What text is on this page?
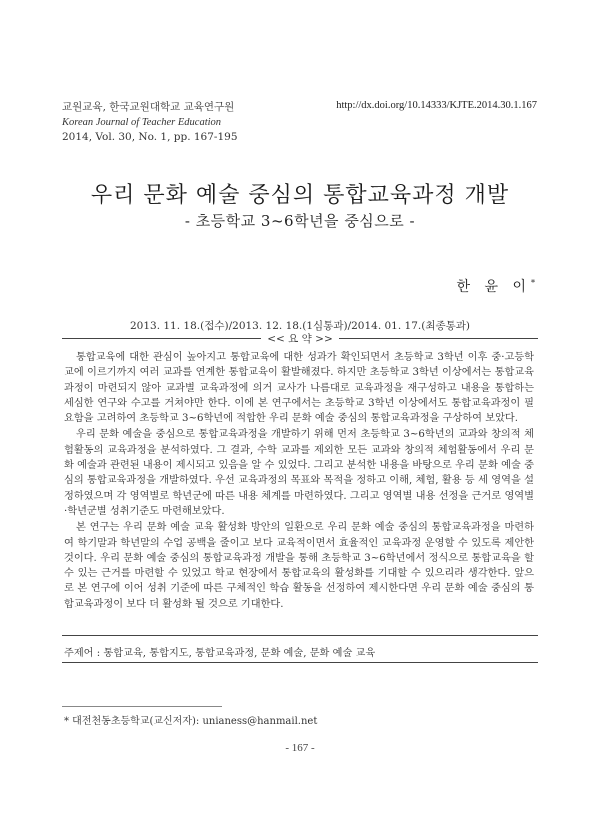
교원교육, 한국교원대학교 교육연구원
Korean Journal of Teacher Education
2014, Vol. 30, No. 1, pp. 167-195
http://dx.doi.org/10.14333/KJTE.2014.30.1.167
우리 문화 예술 중심의 통합교육과정 개발
- 초등학교 3~6학년을 중심으로 -
한 윤 이*
2013. 11. 18.(접수)/2013. 12. 18.(1심통과)/2014. 01. 17.(최종통과)
<< 요 약 >>

통합교육에 대한 관심이 높아지고 통합교육에 대한 성과가 확인되면서 초등학교 3학년 이후 중·고등학교에 이르기까지 여러 교과를 연계한 통합교육이 활발해졌다. 하지만 초등학교 3학년 이상에서는 통합교육과정이 마련되지 않아 교과별 교육과정에 의거 교사가 나름대로 교육과정을 재구성하고 내용을 통합하는 세심한 연구와 수고를 거쳐야만 한다. 이에 본 연구에서는 초등학교 3학년 이상에서도 통합교육과정이 필요함을 고려하여 초등학교 3~6학년에 적합한 우리 문화 예술 중심의 통합교육과정을 구상하여 보았다.

우리 문화 예술을 중심으로 통합교육과정을 개발하기 위해 먼저 초등학교 3~6학년의 교과와 창의적 체험활동의 교육과정을 분석하였다. 그 결과, 수학 교과를 제외한 모든 교과와 창의적 체험활동에서 우리 문화 예술과 관련된 내용이 제시되고 있음을 알 수 있었다. 그리고 분석한 내용을 바탕으로 우리 문화 예술 중심의 통합교육과정을 개발하였다. 우선 교육과정의 목표와 목적을 정하고 이해, 체험, 활용 등 세 영역을 설정하였으며 각 영역별로 학년군에 따른 내용 체계를 마련하였다. 그리고 영역별 내용 선정을 근거로 영역별·학년군별 성취기준도 마련해보았다.

본 연구는 우리 문화 예술 교육 활성화 방안의 일환으로 우리 문화 예술 중심의 통합교육과정을 마련하여 학기말과 학년말의 수업 공백을 줄이고 보다 교육적이면서 효율적인 교육과정 운영할 수 있도록 제안한 것이다. 우리 문화 예술 중심의 통합교육과정 개발을 통해 초등학교 3~6학년에서 정식으로 통합교육을 할 수 있는 근거를 마련할 수 있었고 학교 현장에서 통합교육의 활성화를 기대할 수 있으리라 생각한다. 앞으로 본 연구에 이어 성취 기준에 따른 구체적인 학습 활동을 선정하여 제시한다면 우리 문화 예술 중심의 통합교육과정이 보다 더 활성화 될 것으로 기대한다.

주제어 : 통합교육, 통합지도, 통합교육과정, 문화 예술, 문화 예술 교육
* 대전천동초등학교(교신저자): unianess@hanmail.net
- 167 -
